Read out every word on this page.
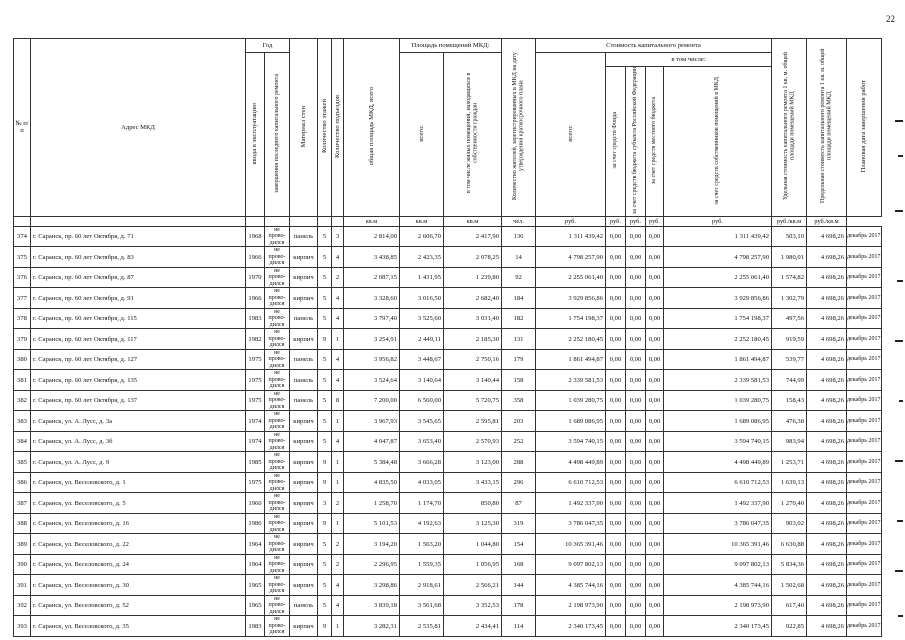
22
№ п/п	Адрес МКД	Год		Материал стен	Количество этажей	Количество подъездов	общая площадь МКД, всего	Площадь помещений МКД:		Количество жителей, зарегистрированных в МКД на дату утверждения краткосрочного плана	Стоимость капитального ремонта					Удельная стоимость капитального ремонта 1 кв. м. общей площади помещений МКД	Предельная стоимость капитального ремонта 1 кв. м. общей площади помещений МКД	Плановая дата завершения работ
		ввода в эксплуатацию	завершения последнего капитального ремонта					всего:	в том числе жилых помещений, находящихся в собственности граждан		всего:	в том числе:						
												за счет средств Фонда	за счет средств бюджета субъекта Российской Федерации	за счет средств местного бюджета	за счет средств собственников помещений в МКД			
							кв.м	кв.м	кв.м	чел.	руб.	руб.	руб.	руб.	руб.	руб./кв.м	руб./кв.м	
374	г. Саранск, пр. 60 лет Октября, д. 71	1968	не прово-дился	панель	5	3	2 814,00	2 606,70	2 417,90	136	1 311 439,42	0,00	0,00	0,00	1 311 439,42	503,10	4 698,26	декабрь 2017
375	г. Саранск, пр. 60 лет Октября, д. 83	1966	не прово-дился	кирпич	5	4	3 438,85	2 423,35	2 078,25	14	4 798 257,90	0,00	0,00	0,00	4 798 257,90	1 980,01	4 698,26	декабрь 2017
376	г. Саранск, пр. 60 лет Октября, д. 87	1970	не прово-дился	кирпич	5	2	2 087,15	1 431,95	1 239,80	92	2 255 061,40	0,00	0,00	0,00	2 255 061,40	1 574,82	4 698,26	декабрь 2017
377	г. Саранск, пр. 60 лет Октября, д. 91	1966	не прово-дился	кирпич	5	4	3 328,60	3 016,50	2 682,40	184	3 929 856,86	0,00	0,00	0,00	3 929 856,86	1 302,79	4 698,26	декабрь 2017
378	г. Саранск, пр. 60 лет Октября, д. 115	1983	не прово-дился	панель	5	4	3 797,40	3 525,60	3 031,40	182	1 754 198,37	0,00	0,00	0,00	1 754 198,37	497,56	4 698,26	декабрь 2017
379	г. Саранск, пр. 60 лет Октября, д. 117	1982	не прово-дился	кирпич	9	1	3 254,91	2 449,11	2 185,30	131	2 252 180,45	0,00	0,00	0,00	2 252 180,45	919,59	4 698,26	декабрь 2017
380	г. Саранск, пр. 60 лет Октября, д. 127	1975	не прово-дился	панель	5	4	3 956,82	3 448,67	2 750,16	179	1 861 494,87	0,00	0,00	0,00	1 861 494,87	539,77	4 698,26	декабрь 2017
381	г. Саранск, пр. 60 лет Октября, д. 135	1975	не прово-дился	панель	5	4	3 524,64	3 140,64	3 140,44	158	2 339 581,53	0,00	0,00	0,00	2 339 581,53	744,99	4 698,26	декабрь 2017
382	г. Саранск, пр. 60 лет Октября, д. 137	1975	не прово-дился	панель	5	8	7 200,00	6 560,00	5 720,75	358	1 039 280,75	0,00	0,00	0,00	1 039 280,75	158,43	4 698,26	декабрь 2017
383	г. Саранск, ул. А. Лусс, д. 3а	1974	не прово-дился	кирпич	5	1	3 967,93	3 545,65	2 595,81	203	1 689 086,95	0,00	0,00	0,00	1 689 086,95	476,38	4 698,26	декабрь 2017
384	г. Саранск, ул. А. Лусс, д. 3б	1974	не прово-дился	кирпич	5	4	4 047,87	3 653,40	2 570,93	252	3 594 740,15	0,00	0,00	0,00	3 594 740,15	983,94	4 698,26	декабрь 2017
385	г. Саранск, ул. А. Лусс, д. 9	1985	не прово-дился	кирпич	9	1	5 384,48	3 666,28	3 123,00	288	4 498 449,89	0,00	0,00	0,00	4 498 449,89	1 253,71	4 698,26	декабрь 2017
386	г. Саранск, ул. Веселовского, д. 1	1975	не прово-дился	кирпич	9	1	4 835,50	4 033,05	3 433,15	296	6 610 712,53	0,00	0,00	0,00	6 610 712,53	1 639,13	4 698,26	декабрь 2017
387	г. Саранск, ул. Веселовского, д. 5	1960	не прово-дился	кирпич	3	2	1 258,70	1 174,70	850,80	87	1 492 337,90	0,00	0,00	0,00	1 492 337,90	1 270,40	4 698,26	декабрь 2017
388	г. Саранск, ул. Веселовского, д. 16	1986	не прово-дился	кирпич	9	1	5 101,53	4 192,63	3 125,30	319	3 786 047,35	0,00	0,00	0,00	3 786 047,35	903,02	4 698,26	декабрь 2017
389	г. Саранск, ул. Веселовского, д. 22	1964	не прово-дился	кирпич	5	2	3 194,20	1 563,20	1 044,80	154	10 365 391,46	0,00	0,00	0,00	10 365 391,46	6 630,88	4 698,26	декабрь 2017
390	г. Саранск, ул. Веселовского, д. 24	1964	не прово-дился	кирпич	5	2	2 296,95	1 559,35	1 056,95	168	9 097 802,13	0,00	0,00	0,00	9 097 802,13	5 834,36	4 698,26	декабрь 2017
391	г. Саранск, ул. Веселовского, д. 30	1965	не прово-дился	кирпич	5	4	3 298,86	2 918,61	2 566,21	144	4 385 744,16	0,00	0,00	0,00	4 385 744,16	1 502,68	4 698,26	декабрь 2017
392	г. Саранск, ул. Веселовского, д. 52	1965	не прово-дился	панель	5	4	3 839,18	3 561,68	3 352,53	178	2 198 973,90	0,00	0,00	0,00	2 198 973,90	617,40	4 698,26	декабрь 2017
393	г. Саранск, ул. Веселовского, д. 35	1983	не прово-дился	кирпич	9	1	3 282,31	2 535,81	2 434,41	114	2 340 173,45	0,00	0,00	0,00	2 340 173,45	922,85	4 698,26	декабрь 2017
